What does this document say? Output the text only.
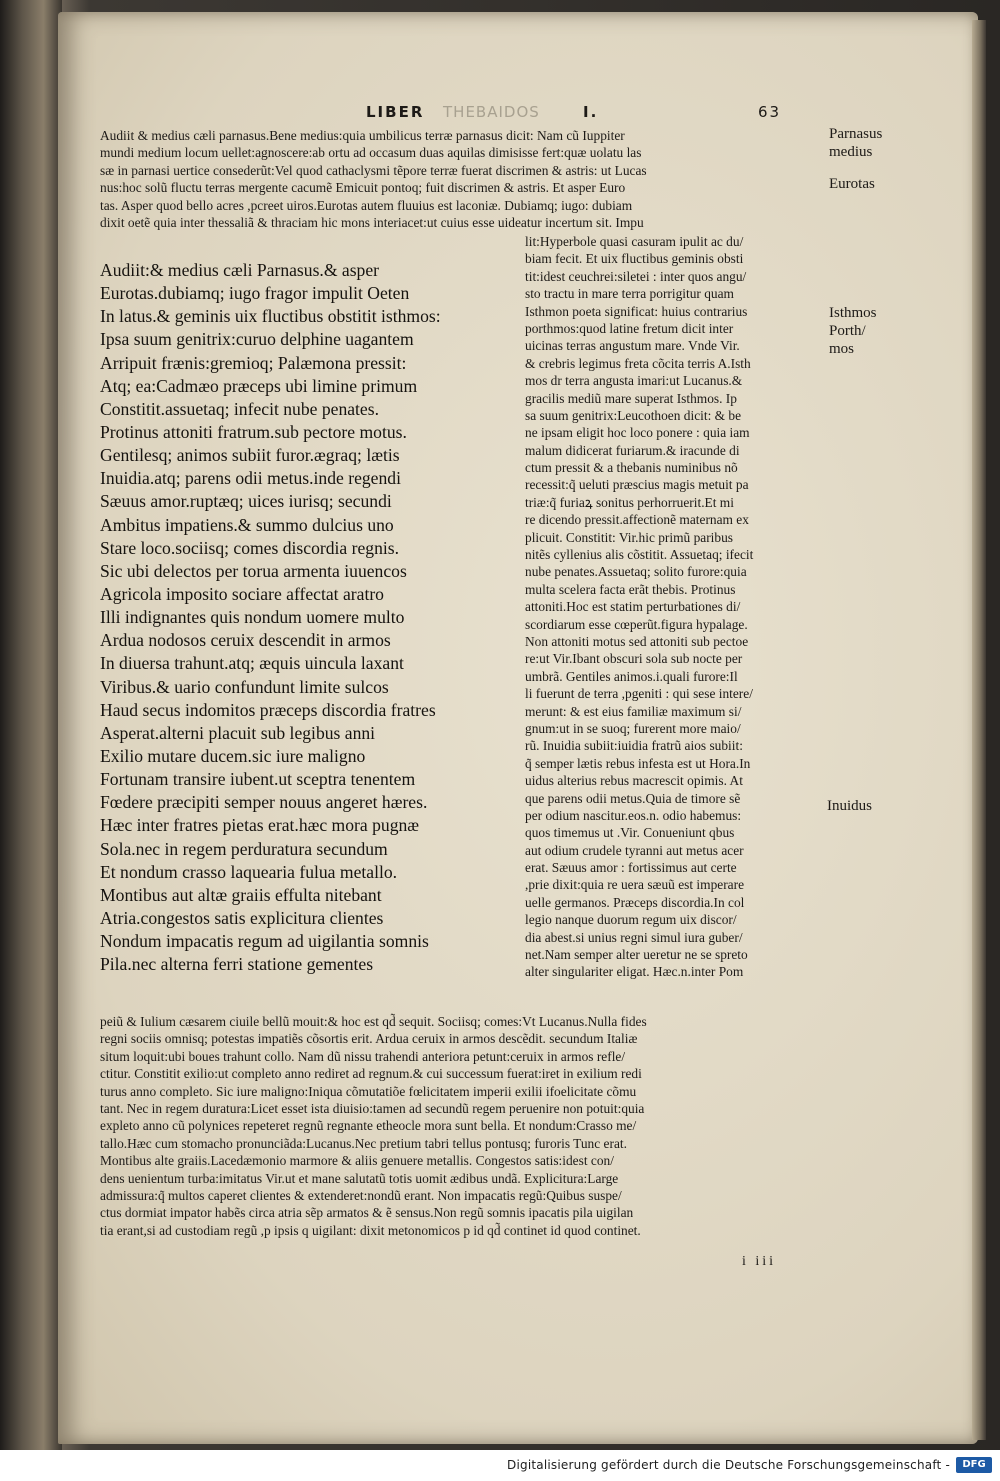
LIBER THEBAIDOS	I.	63
Audiit & medius cæli parnasus.Bene medius:quia umbilicus terræ parnasus dicit: Nam cũ Iuppiter
mundi medium locum uellet:agnoscere:ab ortu ad occasum duas aquilas dimisisse fert:quæ uolatu las
sæ in parnasi uertice consederũt:Vel quod cathaclysmi tẽpore terræ fuerat discrimen & astris: ut Lucas
nus:hoc solũ fluctu terras mergente cacumẽ Emicuit pontoq; fuit discrimen & astris. Et asper Euro
tas. Asper quod bello acres ,pcreet uiros.Eurotas autem fluuius est laconiæ. Dubiamq; iugo: dubiam
dixit oetẽ quia inter thessaliã & thraciam hic mons interiacet:ut cuius esse uideatur incertum sit. Impu
Audiit:& medius cæli Parnasus.& asper
Eurotas.dubiamq; iugo fragor impulit Oeten
In latus.& geminis uix fluctibus obstitit isthmos:
Ipsa suum genitrix:curuo delphine uagantem
Arripuit frænis:gremioq; Palæmona pressit:
Atq; ea:Cadmæo præceps ubi limine primum
Constitit.assuetaq; infecit nube penates.
Protinus attoniti fratrum.sub pectore motus.
Gentilesq; animos subiit furor.ægraq; lætis
Inuidia.atq; parens odii metus.inde regendi
Sæuus amor.ruptæq; uices iurisq; secundi
Ambitus impatiens.& summo dulcius uno
Stare loco.sociisq; comes discordia regnis.
Sic ubi delectos per torua armenta iuuencos
Agricola imposito sociare affectat aratro
Illi indignantes quis nondum uomere multo
Ardua nodosos ceruix descendit in armos
In diuersa trahunt.atq; æquis uincula laxant
Viribus.& uario confundunt limite sulcos
Haud secus indomitos præceps discordia fratres
Asperat.alterni placuit sub legibus anni
Exilio mutare ducem.sic iure maligno
Fortunam transire iubent.ut sceptra tenentem
Fœdere præcipiti semper nouus angeret hæres.
Hæc inter fratres pietas erat.hæc mora pugnæ
Sola.nec in regem perduratura secundum
Et nondum crasso laquearia fulua metallo.
Montibus aut altæ graiis effulta nitebant
Atria.congestos satis explicitura clientes
Nondum impacatis regum ad uigilantia somnis
Pila.nec alterna ferri statione gementes
lit:Hyperbole quasi casuram ipulit ac du/
biam fecit. Et uix fluctibus geminis obsti
tit:idest ceuchrei:siletei : inter quos angu/
sto tractu in mare terra porrigitur quam
Isthmon poeta significat: huius contrarius
porthmos:quod latine fretum dicit inter
uicinas terras angustum mare. Vnde Vir.
& crebris legimus freta cõcita terris A.Isth
mos dr terra angusta imari:ut Lucanus.&
gracilis mediũ mare superat Isthmos. Ip
sa suum genitrix:Leucothoen dicit: & be
ne ipsam eligit hoc loco ponere : quia iam
malum didicerat furiarum.& iracunde di
ctum pressit & a thebanis numinibus nõ
recessit:q̃ ueluti præscius magis metuit pa
triæ:q̃ furiaꝝ sonitus perhorruerit.Et mi
re dicendo pressit.affectionẽ maternam ex
plicuit. Constitit: Vir.hic primũ paribus
nitẽs cyllenius alis cõstitit. Assuetaq; ifecit
nube penates.Assuetaq; solito furore:quia
multa scelera facta erãt thebis. Protinus
attoniti.Hoc est statim perturbationes di/
scordiarum esse cœperũt.figura hypalage.
Non attoniti motus sed attoniti sub pectoe
re:ut Vir.Ibant obscuri sola sub nocte per
umbrã. Gentiles animos.i.quali furore:Il
li fuerunt de terra ,pgeniti : qui sese intere/
merunt: & est eius familiæ maximum si/
gnum:ut in se suoq; furerent more maio/
rũ. Inuidia subiit:iuidia fratrũ aios subiit:
q̃ semper lætis rebus infesta est ut Hora.In
uidus alterius rebus macrescit opimis. At
que parens odii metus.Quia de timore sẽ
per odium nascitur.eos.n. odio habemus:
quos timemus ut .Vir. Conueniunt qbus
aut odium crudele tyranni aut metus acer
erat. Sæuus amor : fortissimus aut certe
,prie dixit:quia re uera sæuũ est imperare
uelle germanos. Præceps discordia.In col
legio nanque duorum regum uix discor/
dia abest.si unius regni simul iura guber/
net.Nam semper alter ueretur ne se spreto
alter singulariter eligat. Hæc.n.inter Pom
peiũ & Iulium cæsarem ciuile bellũ mouit:& hoc est qd̃ sequit. Sociisq; comes:Vt Lucanus.Nulla fides
regni sociis omnisq; potestas impatiẽs cõsortis erit. Ardua ceruix in armos descẽdit. secundum Italiæ
situm loquit:ubi boues trahunt collo. Nam dũ nissu trahendi anteriora petunt:ceruix in armos refle/
ctitur. Constitit exilio:ut completo anno rediret ad regnum.& cui successum fuerat:iret in exilium redi
turus anno completo. Sic iure maligno:Iniqua cõmutatiõe fœlicitatem imperii exilii ifoelicitate cõmu
tant. Nec in regem duratura:Licet esset ista diuisio:tamen ad secundũ regem peruenire non potuit:quia
expleto anno cũ polynices repeteret regnũ regnante etheocle mora sunt bella. Et nondum:Crasso me/
tallo.Hæc cum stomacho pronunciãda:Lucanus.Nec pretium tabri tellus pontusq; furoris Tunc erat.
Montibus alte graiis.Lacedæmonio marmore & aliis genuere metallis. Congestos satis:idest con/
dens uenientum turba:imitatus Vir.ut et mane salutatũ totis uomit ædibus undã. Explicitura:Large
admissura:q̃ multos caperet clientes & extenderet:nondũ erant. Non impacatis regũ:Quibus suspe/
ctus dormiat impator habẽs circa atria sẽp armatos & ẽ sensus.Non regũ somnis ipacatis pila uigilan
tia erant,si ad custodiam regũ ,p ipsis q uigilant: dixit metonomicos p id qd̃ continet id quod continet.
Parnasus medius
Eurotas
Isthmos Porth/ mos
Inuidus
i iii
Digitalisierung gefördert durch die Deutsche Forschungsgemeinschaft -	DFG
